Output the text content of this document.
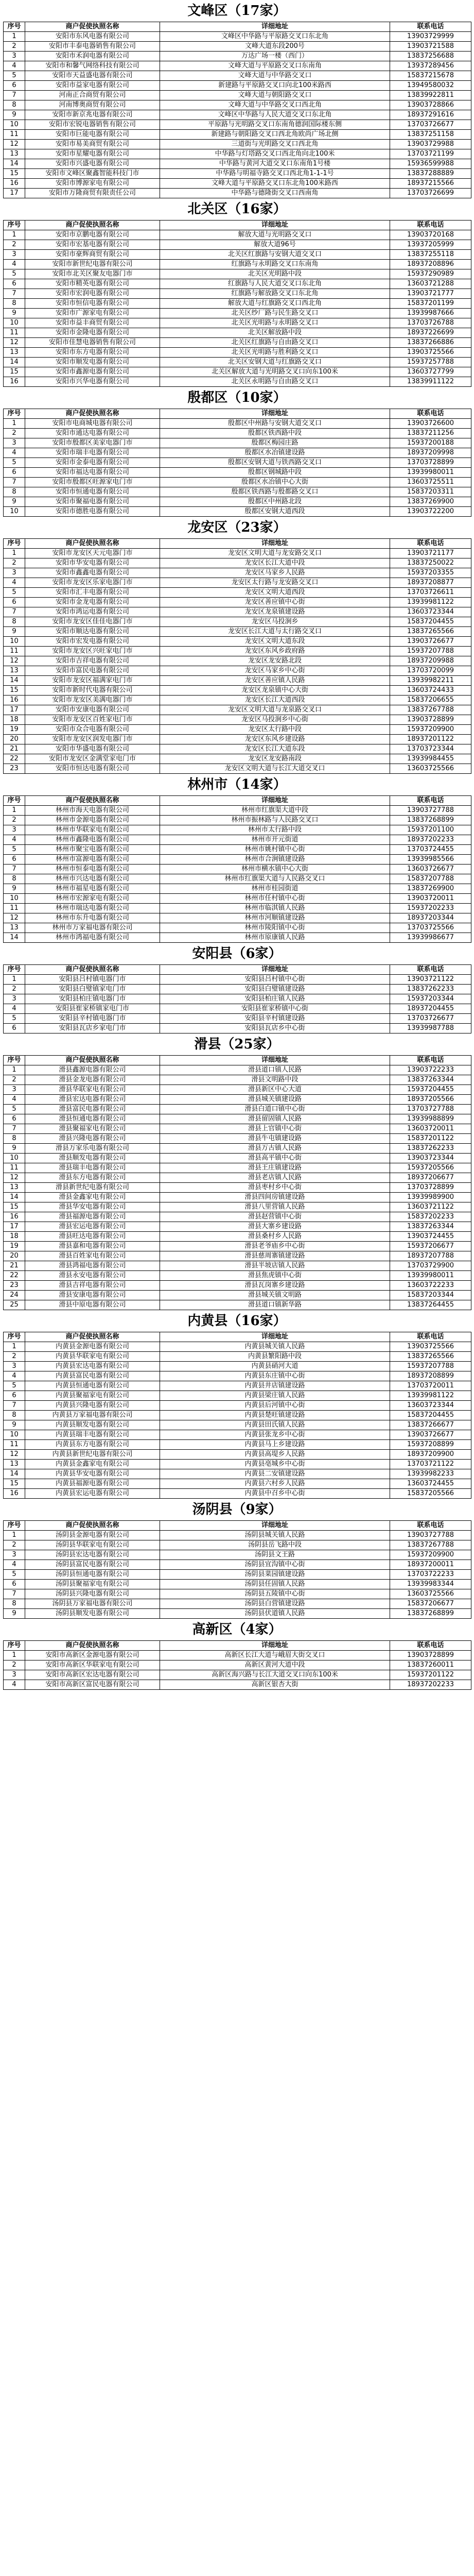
文峰区（17家）
序号	商户促使执照名称	详细地址	联系电话
1	安阳市东风电器有限公司	文峰区中华路与平原路交叉口东北角	13903729999
2	安阳市丰泰电器销售有限公司	文峰大道东段200号	13903721588
3	安阳市禾润电器有限公司	万达广场一楼（西门）	13837256688
4	安阳市和馨气网络科技有限公司	文峰大道与平原路交叉口东南角	13937289456
5	安阳市天益盛电器有限公司	文峰大道与中华路交叉口	15837215678
6	安阳市益家电器有限公司	新建路与平原路交叉口向北100米路西	13949580032
7	河南正合商贸有限公司	文峰大道与朝阳路交叉口	13839922811
8	河南博奥商贸有限公司	文峰大道与中华路交叉口西北角	13903728866
9	安阳市新京兆电器有限公司	文峰区中华路与人民大道交叉口东北角	18937291616
10	安阳市宏锐电器销售有限公司	平原路与光明路交叉口东南角德润国际楼东侧	13703726677
11	安阳市巨能电器有限公司	新建路与朝阳路交叉口西北角欧尚广场北侧	13837251158
12	安阳市易美商贸有限公司	三道街与光明路交叉口西北角	13903729988
13	安阳市星耀电器有限公司	中华路与灯塔路交叉口西北角向北100米	13703721199
14	安阳市兴盛电器有限公司	中华路与黄河大道交叉口东南角1号楼	15936599988
15	安阳市文峰区聚鑫智能科技门市	中华路与明福寺路交叉口西北角1-1-1号	13837288889
16	安阳市博源家电有限公司	文峰大道与平原路交叉口东北角100米路西	18937215566
17	安阳市万隆商贸有限责任公司	中华路与德隆街交叉口西南角	13703726699
北关区（16家）
序号	商户促使执照名称	详细地址	联系电话
1	安阳市京鹏电器有限公司	解放大道与光明路交叉口	13903720168
2	安阳市宏基电器有限公司	解放大道96号	13937205999
3	安阳市豪辉商贸有限公司	北关区红旗路与安钢大道交叉口	13837255118
4	安阳市新世纪电器有限公司	红旗路与永明路交叉口东南角	18937208896
5	安阳市北关区聚友电器门市	北关区光明路中段	15937290989
6	安阳市精英电器有限公司	红旗路与人民大道交叉口东北角	13603721288
7	安阳市宏润电器有限公司	红旗路与解放路交叉口东北角	13903721777
8	安阳市恒信电器有限公司	解放大道与红旗路交叉口西北角	15837201199
9	安阳市广源家电有限公司	北关区纱厂路与民生路交叉口	13939987666
10	安阳市益丰商贸有限公司	北关区光明路与永明路交叉口	13703726788
11	安阳市金隆电器有限公司	北关区解放路中段	18937226699
12	安阳市佳慧电器销售有限公司	北关区红旗路与自由路交叉口	13837266886
13	安阳市东方电器有限公司	北关区光明路与胜利路交叉口	13903725566
14	安阳市顺发电器有限公司	北关区安钢大道与红旗路交叉口	15937257788
15	安阳市鑫源电器有限公司	北关区解放大道与光明路交叉口向东100米	13603727799
16	安阳市兴华电器有限公司	北关区永明路与自由路交叉口	13839911122
殷都区（10家）
序号	商户促使执照名称	详细地址	联系电话
1	安阳市电商城电器有限公司	殷都区中州路与安钢大道交叉口	13903726600
2	安阳市通达电器有限公司	殷都区铁西路中段	13837211256
3	安阳市殷都区美家电器门市	殷都区梅园庄路	15937200188
4	安阳市瑞丰电器有限公司	殷都区水冶镇建设路	18937209998
5	安阳市金泰电器有限公司	殷都区安钢大道与铁西路交叉口	13703728899
6	安阳市福达电器有限公司	殷都区钢城路中段	13939980011
7	安阳市殷都区旺源家电门市	殷都区水冶镇中心大街	13603725511
8	安阳市恒通电器有限公司	殷都区铁西路与殷都路交叉口	15837203311
9	安阳市聚福电器有限公司	殷都区中州路北段	13837269900
10	安阳市德胜电器有限公司	殷都区安钢大道西段	13903722200
龙安区（23家）
序号	商户促使执照名称	详细地址	联系电话
1	安阳市龙安区天元电器门市	龙安区文明大道与龙安路交叉口	13903721177
2	安阳市华安电器有限公司	龙安区长江大道中段	13837250022
3	安阳市鑫鑫电器有限公司	龙安区马家乡人民路	15937203355
4	安阳市龙安区乐家电器门市	龙安区太行路与龙安路交叉口	18937208877
5	安阳市汇丰电器有限公司	龙安区文明大道西段	13703726611
6	安阳市金龙电器有限公司	龙安区善应镇中心街	13939981122
7	安阳市鸿运电器有限公司	龙安区龙泉镇建设路	13603723344
8	安阳市龙安区佳佳电器门市	龙安区马投涧乡	15837204455
9	安阳市顺达电器有限公司	龙安区长江大道与太行路交叉口	13837265566
10	安阳市宏发电器有限公司	龙安区文明大道东段	13903726677
11	安阳市龙安区兴旺家电门市	龙安区东风乡政府路	15937207788
12	安阳市吉祥电器有限公司	龙安区龙安路北段	18937209988
13	安阳市富民电器有限公司	龙安区马家乡中心街	13703720099
14	安阳市龙安区福满家电门市	龙安区善应镇人民路	13939982211
15	安阳市新时代电器有限公司	龙安区龙泉镇中心大街	13603724433
16	安阳市龙安区美满电器门市	龙安区长江大道西段	15837206655
17	安阳市安康电器有限公司	龙安区文明大道与龙泉路交叉口	13837267788
18	安阳市龙安区百姓家电门市	龙安区马投涧乡中心街	13903728899
19	安阳市众合电器有限公司	龙安区太行路中段	15937209900
20	安阳市龙安区润发电器门市	龙安区东风乡建设路	18937201122
21	安阳市华盛电器有限公司	龙安区长江大道东段	13703723344
22	安阳市龙安区金满堂家电门市	龙安区龙安路南段	13939984455
23	安阳市恒达电器有限公司	龙安区文明大道与长江大道交叉口	13603725566
林州市（14家）
序号	商户促使执照名称	详细地址	联系电话
1	林州市海天电器有限公司	林州市红旗渠大道中段	13903727788
2	林州市金源电器有限公司	林州市振林路与人民路交叉口	13837268899
3	林州市华联家电有限公司	林州市太行路中段	15937201100
4	林州市鑫隆电器有限公司	林州市开元街道	18937202233
5	林州市聚宝电器有限公司	林州市姚村镇中心街	13703724455
6	林州市富源电器有限公司	林州市合涧镇建设路	13939985566
7	林州市恒泰电器有限公司	林州市横水镇中心大街	13603726677
8	林州市兴达电器有限公司	林州市红旗渠大道与人民路交叉口	15837207788
9	林州市福星电器有限公司	林州市桂园街道	13837269900
10	林州市宏源家电有限公司	林州市任村镇中心街	13903720011
11	林州市瑞达电器有限公司	林州市临淇镇人民路	15937202233
12	林州市东升电器有限公司	林州市河顺镇建设路	18937203344
13	林州市万家福电器有限公司	林州市陵阳镇中心街	13703725566
14	林州市鸿福电器有限公司	林州市原康镇人民路	13939986677
安阳县（6家）
序号	商户促使执照名称	详细地址	联系电话
1	安阳县吕村镇电器门市	安阳县吕村镇中心街	13903721122
2	安阳县白璧镇家电门市	安阳县白璧镇建设路	13837262233
3	安阳县柏庄镇电器门市	安阳县柏庄镇人民路	15937203344
4	安阳县崔家桥镇家电门市	安阳县崔家桥镇中心街	18937204455
5	安阳县辛村镇电器门市	安阳县辛村镇建设路	13703726677
6	安阳县瓦店乡家电门市	安阳县瓦店乡中心街	13939987788
滑县（25家）
序号	商户促使执照名称	详细地址	联系电话
1	滑县鑫源电器有限公司	滑县道口镇人民路	13903722233
2	滑县金龙电器有限公司	滑县文明路中段	13837263344
3	滑县华联家电有限公司	滑县新区中心大道	15937204455
4	滑县宏达电器有限公司	滑县城关镇建设路	18937205566
5	滑县富民电器有限公司	滑县白道口镇中心街	13703727788
6	滑县恒通电器有限公司	滑县留固镇人民路	13939988899
7	滑县聚福家电有限公司	滑县上官镇中心街	13603720011
8	滑县兴隆电器有限公司	滑县牛屯镇建设路	15837201122
9	滑县万家乐电器有限公司	滑县万古镇人民路	13837262233
10	滑县顺发电器有限公司	滑县高平镇中心街	13903723344
11	滑县瑞丰电器有限公司	滑县王庄镇建设路	15937205566
12	滑县东方电器有限公司	滑县老店镇人民路	18937206677
13	滑县新世纪电器有限公司	滑县枣村乡中心街	13703728899
14	滑县金鑫家电有限公司	滑县四间房镇建设路	13939989900
15	滑县华安电器有限公司	滑县八里营镇人民路	13603721122
16	滑县福源电器有限公司	滑县赵营镇中心街	15837202233
17	滑县宏运电器有限公司	滑县大寨乡建设路	13837263344
18	滑县旺达电器有限公司	滑县桑村乡人民路	13903724455
19	滑县嘉和电器有限公司	滑县老爷庙乡中心街	15937206677
20	滑县百姓家电有限公司	滑县慈周寨镇建设路	18937207788
21	滑县鸿福电器有限公司	滑县半坡店镇人民路	13703729900
22	滑县永安电器有限公司	滑县焦虎镇中心街	13939980011
23	滑县吉祥电器有限公司	滑县瓦岗寨乡建设路	13603722233
24	滑县安康电器有限公司	滑县城关镇文明路	15837203344
25	滑县中原电器有限公司	滑县道口镇新华路	13837264455
内黄县（16家）
序号	商户促使执照名称	详细地址	联系电话
1	内黄县金源电器有限公司	内黄县城关镇人民路	13903725566
2	内黄县华联家电有限公司	内黄县繁阳路中段	13837265566
3	内黄县宏达电器有限公司	内黄县硝河大道	15937207788
4	内黄县富民电器有限公司	内黄县东庄镇中心街	18937208899
5	内黄县恒通电器有限公司	内黄县井店镇建设路	13703720011
6	内黄县聚福家电有限公司	内黄县梁庄镇人民路	13939981122
7	内黄县兴隆电器有限公司	内黄县后河镇中心街	13603723344
8	内黄县万家福电器有限公司	内黄县楚旺镇建设路	15837204455
9	内黄县顺发电器有限公司	内黄县田氏镇人民路	13837266677
10	内黄县瑞丰电器有限公司	内黄县张龙乡中心街	13903726677
11	内黄县东方电器有限公司	内黄县马上乡建设路	15937208899
12	内黄县新世纪电器有限公司	内黄县高堤乡人民路	18937209900
13	内黄县金鑫家电有限公司	内黄县亳城乡中心街	13703721122
14	内黄县华安电器有限公司	内黄县二安镇建设路	13939982233
15	内黄县福源电器有限公司	内黄县六村乡人民路	13603724455
16	内黄县宏运电器有限公司	内黄县中召乡中心街	15837205566
汤阴县（9家）
序号	商户促使执照名称	详细地址	联系电话
1	汤阴县金源电器有限公司	汤阴县城关镇人民路	13903727788
2	汤阴县华联家电有限公司	汤阴县岳飞路中段	13837267788
3	汤阴县宏达电器有限公司	汤阴县文王路	15937209900
4	汤阴县富民电器有限公司	汤阴县宜沟镇中心街	18937200011
5	汤阴县恒通电器有限公司	汤阴县菜园镇建设路	13703722233
6	汤阴县聚福家电有限公司	汤阴县任固镇人民路	13939983344
7	汤阴县兴隆电器有限公司	汤阴县五陵镇中心街	13603725566
8	汤阴县万家福电器有限公司	汤阴县白营镇建设路	15837206677
9	汤阴县顺发电器有限公司	汤阴县伏道镇人民路	13837268899
高新区（4家）
序号	商户促使执照名称	详细地址	联系电话
1	安阳市高新区金源电器有限公司	高新区长江大道与峨眉大街交叉口	13903728899
2	安阳市高新区华联家电有限公司	高新区黄河大道中段	13837260011
3	安阳市高新区宏达电器有限公司	高新区海兴路与长江大道交叉口向东100米	15937201122
4	安阳市高新区富民电器有限公司	高新区银杏大街	18937202233
